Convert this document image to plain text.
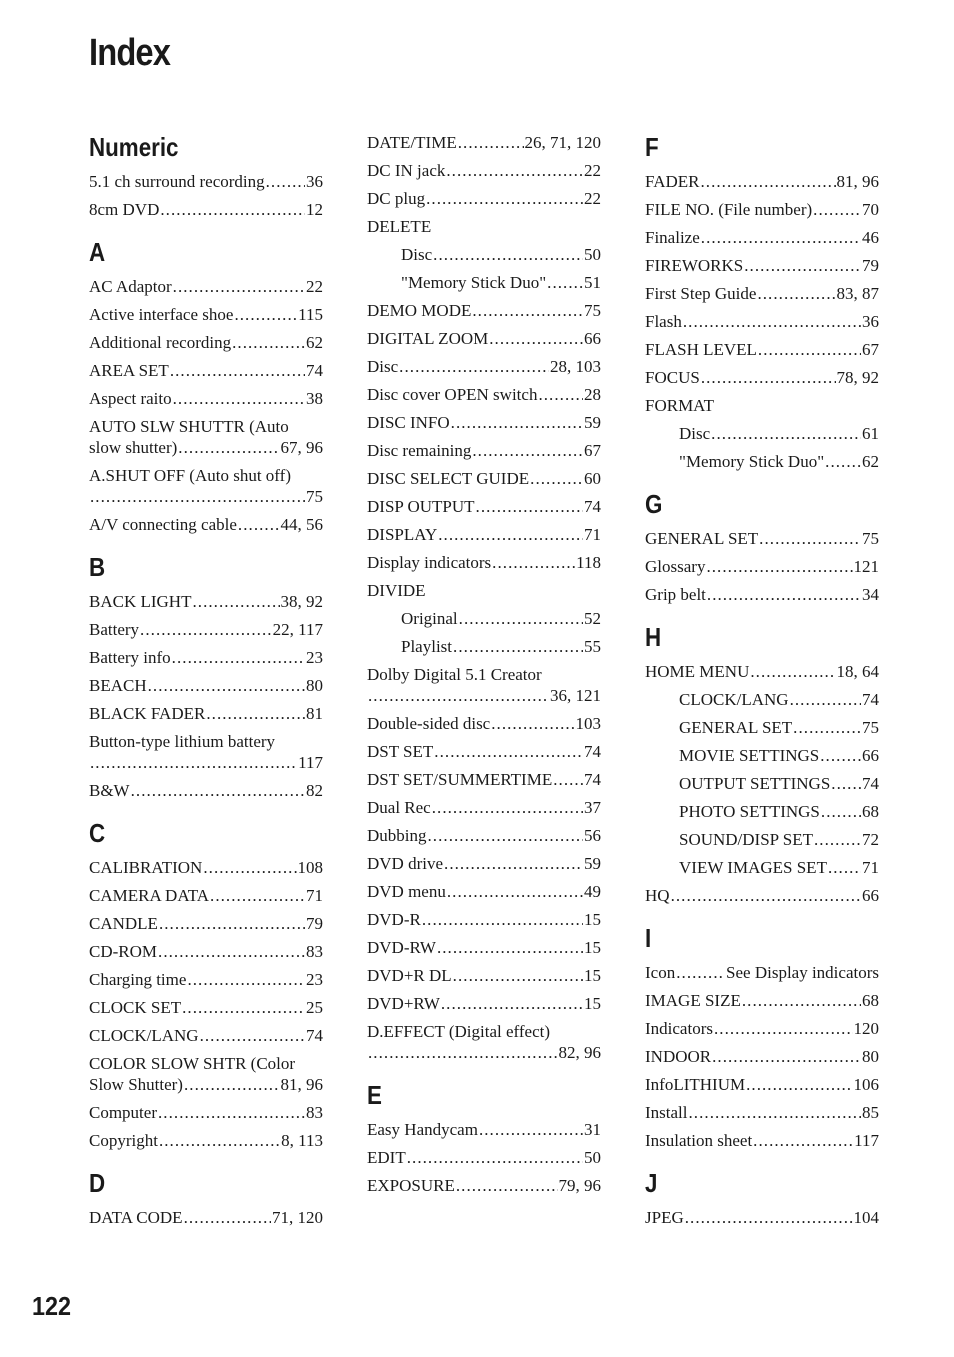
Index
Numeric
5.1 ch surround recording . . . 36
8cm DVD . . .	12
A
AC Adaptor . . .	22
Active interface shoe . . .	115
Additional recording . . .	62
AREA SET . . .	74
Aspect raito . . .	38
AUTO SLW SHUTTR (Auto
slow shutter) . . .	67, 96
A.SHUT OFF (Auto shut off)
. . .
75
A/V connecting cable . . .	44, 56
B
BACK LIGHT . . .	38, 92
Battery . . .	22, 117
Battery info . . .	23
BEACH . . .	80
BLACK FADER . . .	81
Button-type lithium battery
. . .
117
B&W . . .	82
C
CALIBRATION . . .	108
CAMERA DATA . . .	71
CANDLE . . .	79
CD-ROM . . .	83
Charging time . . .	23
CLOCK SET . . .	25
CLOCK/LANG . . .	74
COLOR SLOW SHTR (Color
Slow Shutter) . . .	81, 96
Computer . . .	83
Copyright . . .	8, 113
D
DATA CODE . . .	71, 120
DATE/TIME . . .	26, 71, 120
DC IN jack . . .	22
DC plug . . .	22
DELETE
Disc . . .	50
"Memory Stick Duo" . . . 51
DEMO MODE . . .	75
DIGITAL ZOOM . . .	66
Disc . . .	28, 103
Disc cover OPEN switch . . .	28
DISC INFO . . .	59
Disc remaining . . .	67
DISC SELECT GUIDE . . .	60
DISP OUTPUT . . .	74
DISPLAY . . .	71
Display indicators . . .	118
DIVIDE
Original . . .	52
Playlist . . .	55
Dolby Digital 5.1 Creator
. . .
36, 121
Double-sided disc . . .	103
DST SET . . .	74
DST SET/SUMMERTIME . . . 74
Dual Rec . . .	37
Dubbing . . .	56
DVD drive . . .	59
DVD menu . . .	49
DVD-R . . .	15
DVD-RW . . .	15
DVD+R DL . . .	15
DVD+RW . . .	15
D.EFFECT (Digital effect)
. . .
82, 96
E
Easy Handycam . . .	31
EDIT . . .	50
EXPOSURE . . .	79, 96
F
FADER . . .	81, 96
FILE NO. (File number) . . .	70
Finalize . . .	46
FIREWORKS . . .	79
First Step Guide . . .	83, 87
Flash . . .	36
FLASH LEVEL . . .	67
FOCUS . . .	78, 92
FORMAT
Disc . . .	61
"Memory Stick Duo" . . . 62
G
GENERAL SET . . .	75
Glossary . . .	121
Grip belt . . .	34
H
HOME MENU . . .	18, 64
CLOCK/LANG . . .	74
GENERAL SET . . .	75
MOVIE SETTINGS . . .	66
OUTPUT SETTINGS . . . 74
PHOTO SETTINGS . . . 68
SOUND/DISP SET . . .	72
VIEW IMAGES SET . . . 71
HQ . . .	66
I
Icon . . .	See Display indicators
IMAGE SIZE . . .	68
Indicators . . .	120
INDOOR . . .	80
InfoLITHIUM . . .	106
Install . . .	85
Insulation sheet . . .	117
J
JPEG . . .	104
122
